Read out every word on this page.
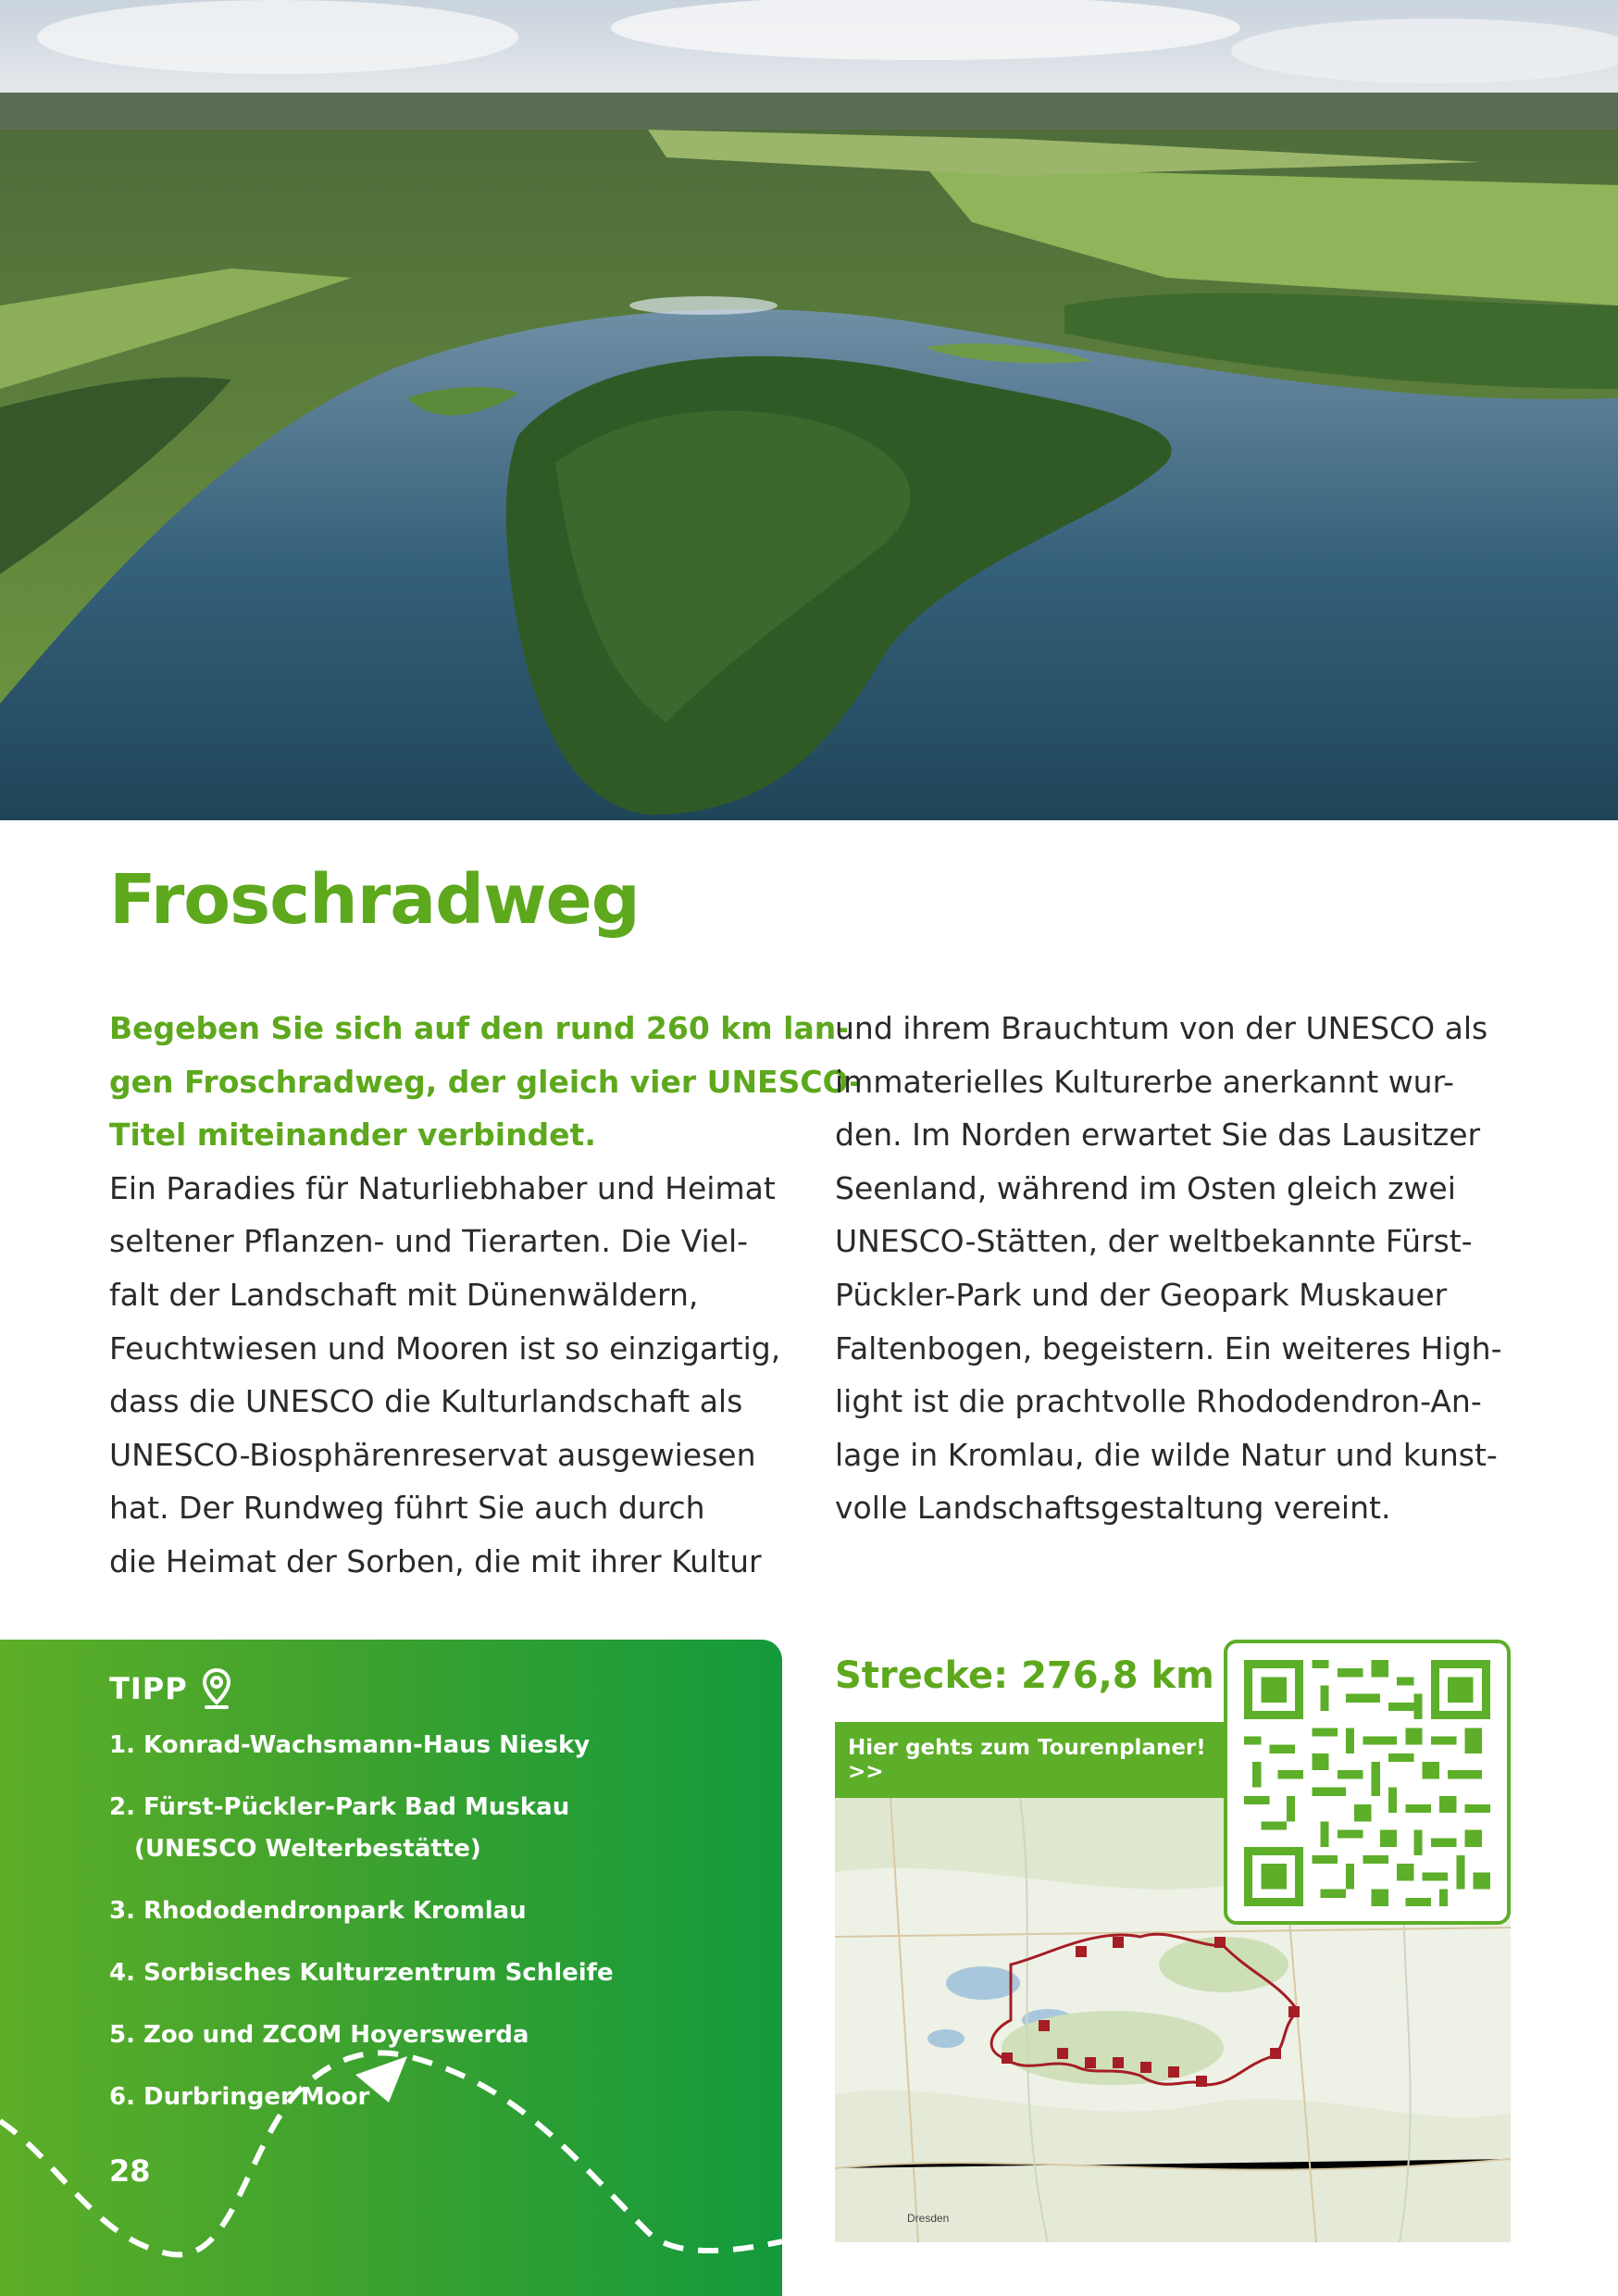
Froschradweg
Begeben Sie sich auf den rund 260 km lan-
gen Froschradweg, der gleich vier UNESCO-
Titel miteinander verbindet.
Ein Paradies für Naturliebhaber und Heimat
seltener Pflanzen- und Tierarten. Die Viel-
falt der Landschaft mit Dünenwäldern,
Feuchtwiesen und Mooren ist so einzigartig,
dass die UNESCO die Kulturlandschaft als
UNESCO-Biosphärenreservat ausgewiesen
hat. Der Rundweg führt Sie auch durch
die Heimat der Sorben, die mit ihrer Kultur
und ihrem Brauchtum von der UNESCO als
immaterielles Kulturerbe anerkannt wur-
den. Im Norden erwartet Sie das Lausitzer
Seenland, während im Osten gleich zwei
UNESCO-Stätten, der weltbekannte Fürst-
Pückler-Park und der Geopark Muskauer
Faltenbogen, begeistern. Ein weiteres High-
light ist die prachtvolle Rhododendron-An-
lage in Kromlau, die wilde Natur und kunst-
volle Landschaftsgestaltung vereint.
TIPP
1. Konrad-Wachsmann-Haus Niesky
2. Fürst-Pückler-Park Bad Muskau
(UNESCO Welterbestätte)
3. Rhododendronpark Kromlau
4. Sorbisches Kulturzentrum Schleife
5. Zoo und ZCOM Hoyerswerda
6. Durbringer Moor
28
Strecke: 276,8 km
Hier gehts zum Tourenplaner! >>
Dresden
